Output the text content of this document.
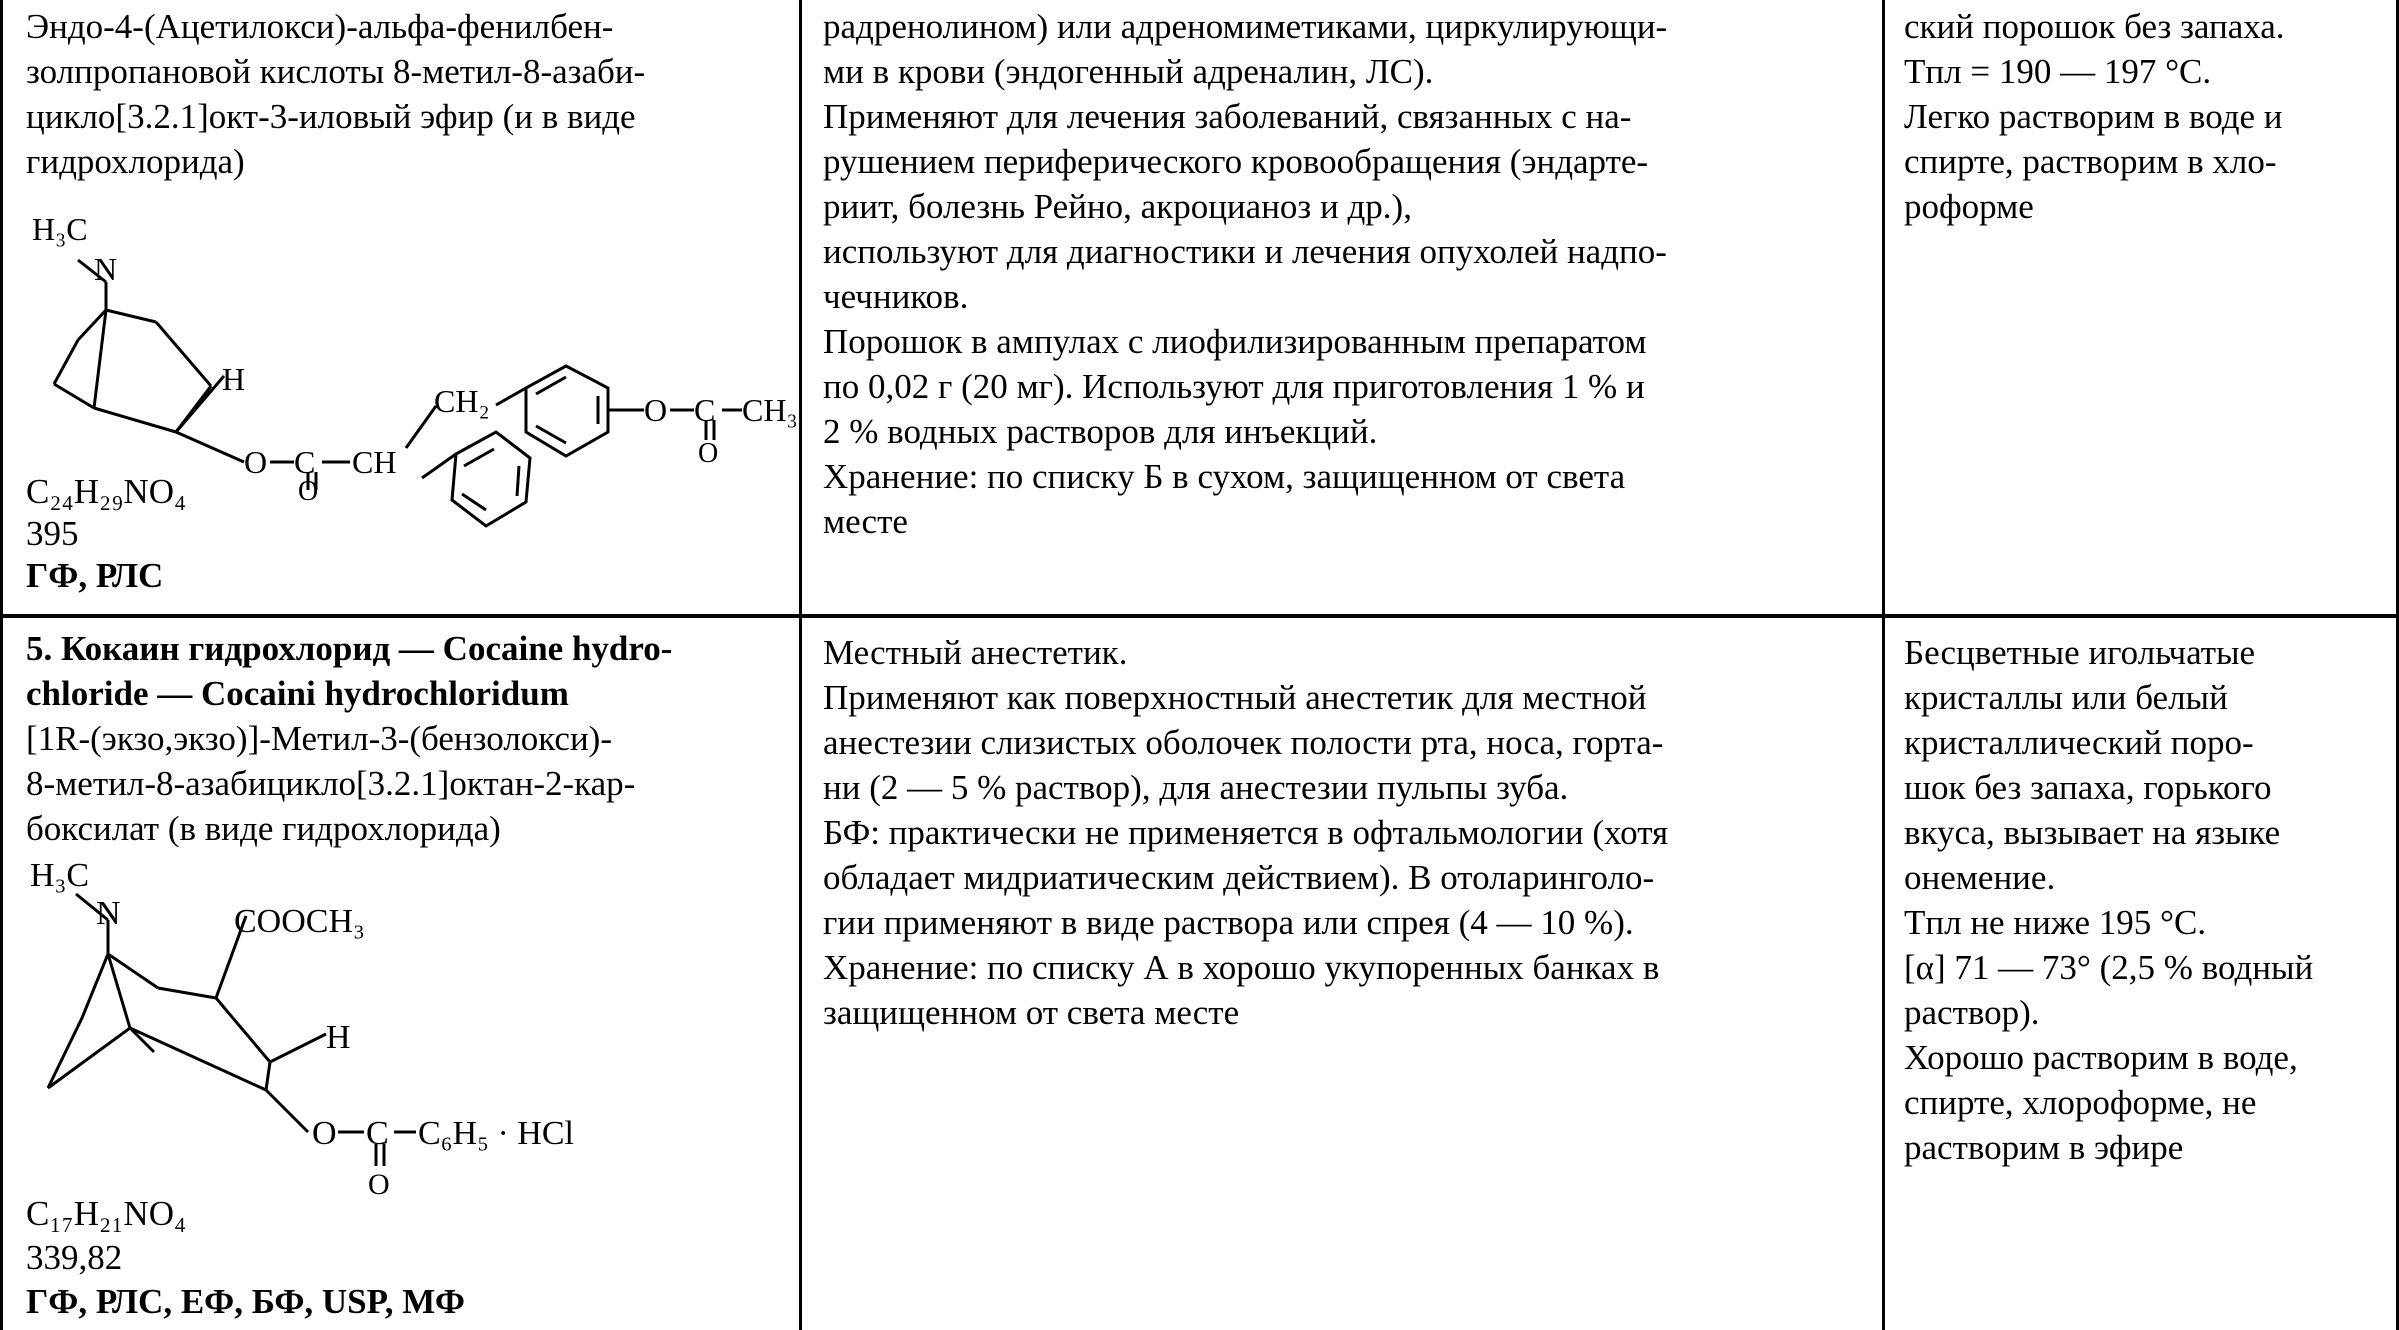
Эндо-4-(Ацетилокси)-альфа-фенилбен-

золпропановой кислоты 8-метил-8-азаби-

цикло[3.2.1]окт-3-иловый эфир (и в виде

гидрохлорида)

H₃C
N
H
O C CH
CH₂
O
O C CH₃
O
C₂₄H₂₉NO₄
395
ГФ, РЛС

радренолином) или адреномиметиками, циркулирующи-

ми в крови (эндогенный адреналин, ЛС).

Применяют для лечения заболеваний, связанных с на-

рушением периферического кровообращения (эндарте-

риит, болезнь Рейно, акроцианоз и др.),

используют для диагностики и лечения опухолей надпо-

чечников.

Порошок в ампулах с лиофилизированным препаратом

по 0,02 г (20 мг). Используют для приготовления 1 % и

2 % водных растворов для инъекций.

Хранение: по списку Б в сухом, защищенном от света

месте

ский порошок без запаха.

Tпл = 190 — 197 °С.

Легко растворим в воде и

спирте, растворим в хло-

роформе

5. Кокаин гидрохлорид — Cocaine hydro-

chloride — Cocaini hydrochloridum

[1R-(экзо,экзо)]-Метил-3-(бензолокси)-

8-метил-8-азабицикло[3.2.1]октан-2-кар-

боксилат (в виде гидрохлорида)

H₃C
N	COOCH₃
H
O C C₆H₅ · HCl
O
C₁₇H₂₁NO₄
339,82
ГФ, РЛС, ЕФ, БФ, USP, МФ

Местный анестетик.

Применяют как поверхностный анестетик для местной

анестезии слизистых оболочек полости рта, носа, горта-

ни (2 — 5 % раствор), для анестезии пульпы зуба.

БФ: практически не применяется в офтальмологии (хотя

обладает мидриатическим действием). В отоларинголо-

гии применяют в виде раствора или спрея (4 — 10 %).

Хранение: по списку А в хорошо укупоренных банках в

защищенном от света месте

Бесцветные игольчатые

кристаллы или белый

кристаллический поро-

шок без запаха, горького

вкуса, вызывает на языке

онемение.

Tпл не ниже 195 °С.

[α] 71 — 73° (2,5 % водный

раствор).

Хорошо растворим в воде,

спирте, хлороформе, не

растворим в эфире
